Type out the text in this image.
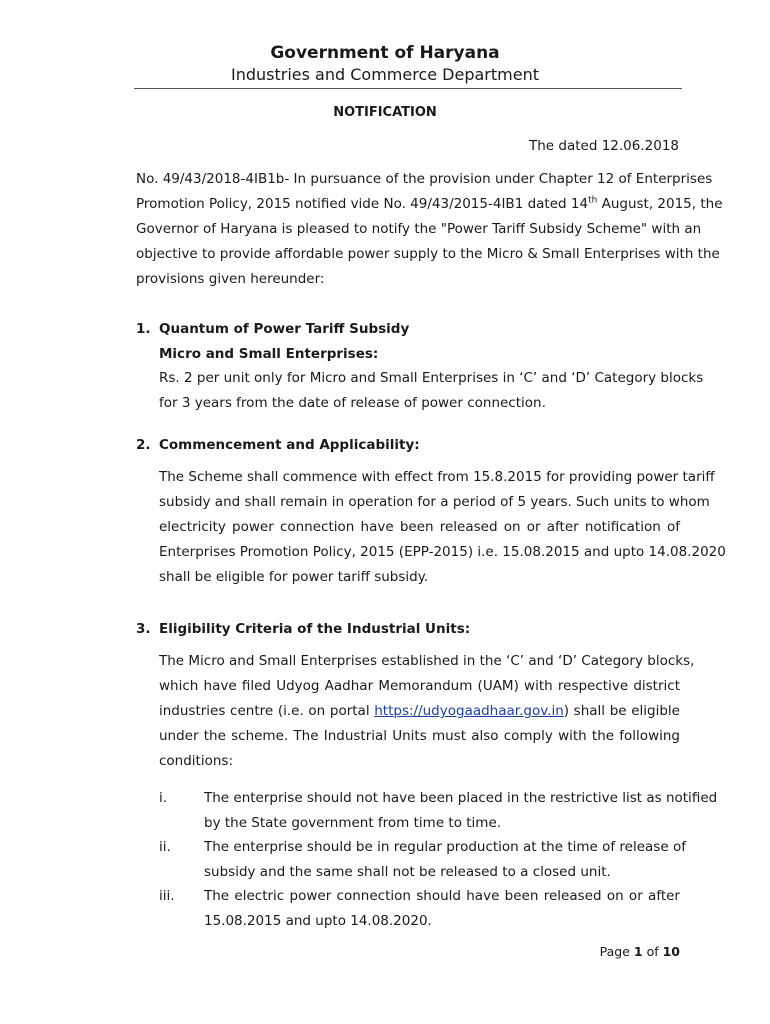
Government of Haryana
Industries and Commerce Department
NOTIFICATION
The dated 12.06.2018
No. 49/43/2018-4IB1b- In pursuance of the provision under Chapter 12 of Enterprises
Promotion Policy, 2015 notified vide No. 49/43/2015-4IB1 dated 14th August, 2015, the
Governor of Haryana is pleased to notify the "Power Tariff Subsidy Scheme" with an
objective to provide affordable power supply to the Micro & Small Enterprises with the
provisions given hereunder:
1. Quantum of Power Tariff Subsidy
Micro and Small Enterprises:
Rs. 2 per unit only for Micro and Small Enterprises in ‘C’ and ‘D’ Category blocks
for 3 years from the date of release of power connection.
2. Commencement and Applicability:
The Scheme shall commence with effect from 15.8.2015 for providing power tariff
subsidy and shall remain in operation for a period of 5 years. Such units to whom
electricity power connection have been released on or after notification of
Enterprises Promotion Policy, 2015 (EPP-2015) i.e. 15.08.2015 and upto 14.08.2020
shall be eligible for power tariff subsidy.
3. Eligibility Criteria of the Industrial Units:
The Micro and Small Enterprises established in the ‘C’ and ‘D’ Category blocks,
which have filed Udyog Aadhar Memorandum (UAM) with respective district
industries centre (i.e. on portal https://udyogaadhaar.gov.in) shall be eligible
under the scheme. The Industrial Units must also comply with the following
conditions:
i.	The enterprise should not have been placed in the restrictive list as notified
by the State government from time to time.
ii. The enterprise should be in regular production at the time of release of
subsidy and the same shall not be released to a closed unit.
iii. The electric power connection should have been released on or after
15.08.2015 and upto 14.08.2020.
Page 1 of 10
